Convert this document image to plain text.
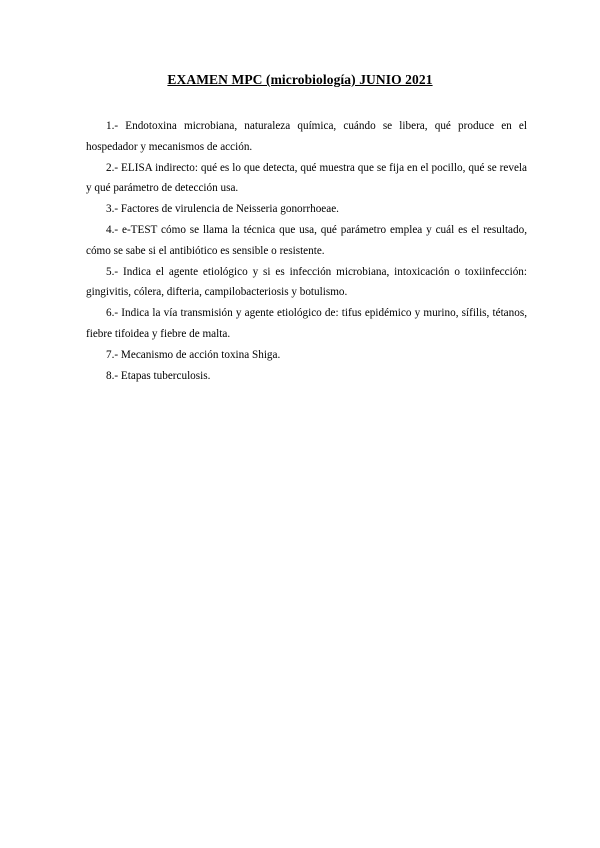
EXAMEN MPC (microbiología) JUNIO 2021
1.- Endotoxina microbiana, naturaleza química, cuándo se libera, qué produce en el hospedador y mecanismos de acción.
2.- ELISA indirecto: qué es lo que detecta, qué muestra que se fija en el pocillo, qué se revela y qué parámetro de detección usa.
3.- Factores de virulencia de Neisseria gonorrhoeae.
4.- e-TEST cómo se llama la técnica que usa, qué parámetro emplea y cuál es el resultado, cómo se sabe si el antibiótico es sensible o resistente.
5.- Indica el agente etiológico y si es infección microbiana, intoxicación o toxiinfección: gingivitis, cólera, difteria, campilobacteriosis y botulismo.
6.- Indica la vía transmisión y agente etiológico de: tifus epidémico y murino, sífilis, tétanos, fiebre tifoidea y fiebre de malta.
7.- Mecanismo de acción toxina Shiga.
8.- Etapas tuberculosis.
